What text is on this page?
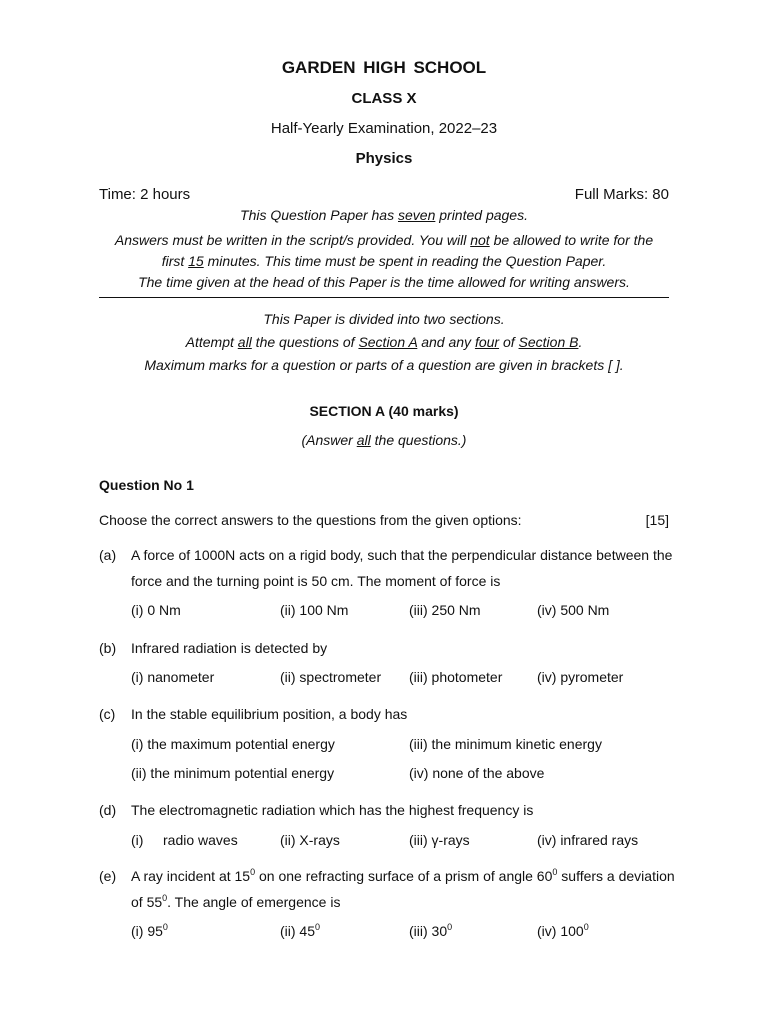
GARDEN HIGH SCHOOL
CLASS X
Half-Yearly Examination, 2022–23
Physics
Time: 2 hours	Full Marks: 80
This Question Paper has seven printed pages.
Answers must be written in the script/s provided. You will not be allowed to write for the
first 15 minutes. This time must be spent in reading the Question Paper.
The time given at the head of this Paper is the time allowed for writing answers.
This Paper is divided into two sections.
Attempt all the questions of Section A and any four of Section B.
Maximum marks for a question or parts of a question are given in brackets [ ].
SECTION A (40 marks)
(Answer all the questions.)
Question No 1
Choose the correct answers to the questions from the given options:	[15]
(a) A force of 1000N acts on a rigid body, such that the perpendicular distance between the
force and the turning point is 50 cm. The moment of force is
(i) 0 Nm	(ii) 100 Nm	(iii) 250 Nm	(iv) 500 Nm
(b) Infrared radiation is detected by
(i) nanometer	(ii) spectrometer (iii) photometer (iv) pyrometer
(c) In the stable equilibrium position, a body has
(i) the maximum potential energy	(iii) the minimum kinetic energy
(ii) the minimum potential energy	(iv) none of the above
(d) The electromagnetic radiation which has the highest frequency is
(i) radio waves	(ii) X-rays	(iii) γ-rays	(iv) infrared rays
(e) A ray incident at $15^0$ on one refracting surface of a prism of angle $60^0$ suffers a deviation
of $55^0$. The angle of emergence is
(i) $95^0$	(ii) $45^0$	(iii) $30^0$	(iv) $100^0$
